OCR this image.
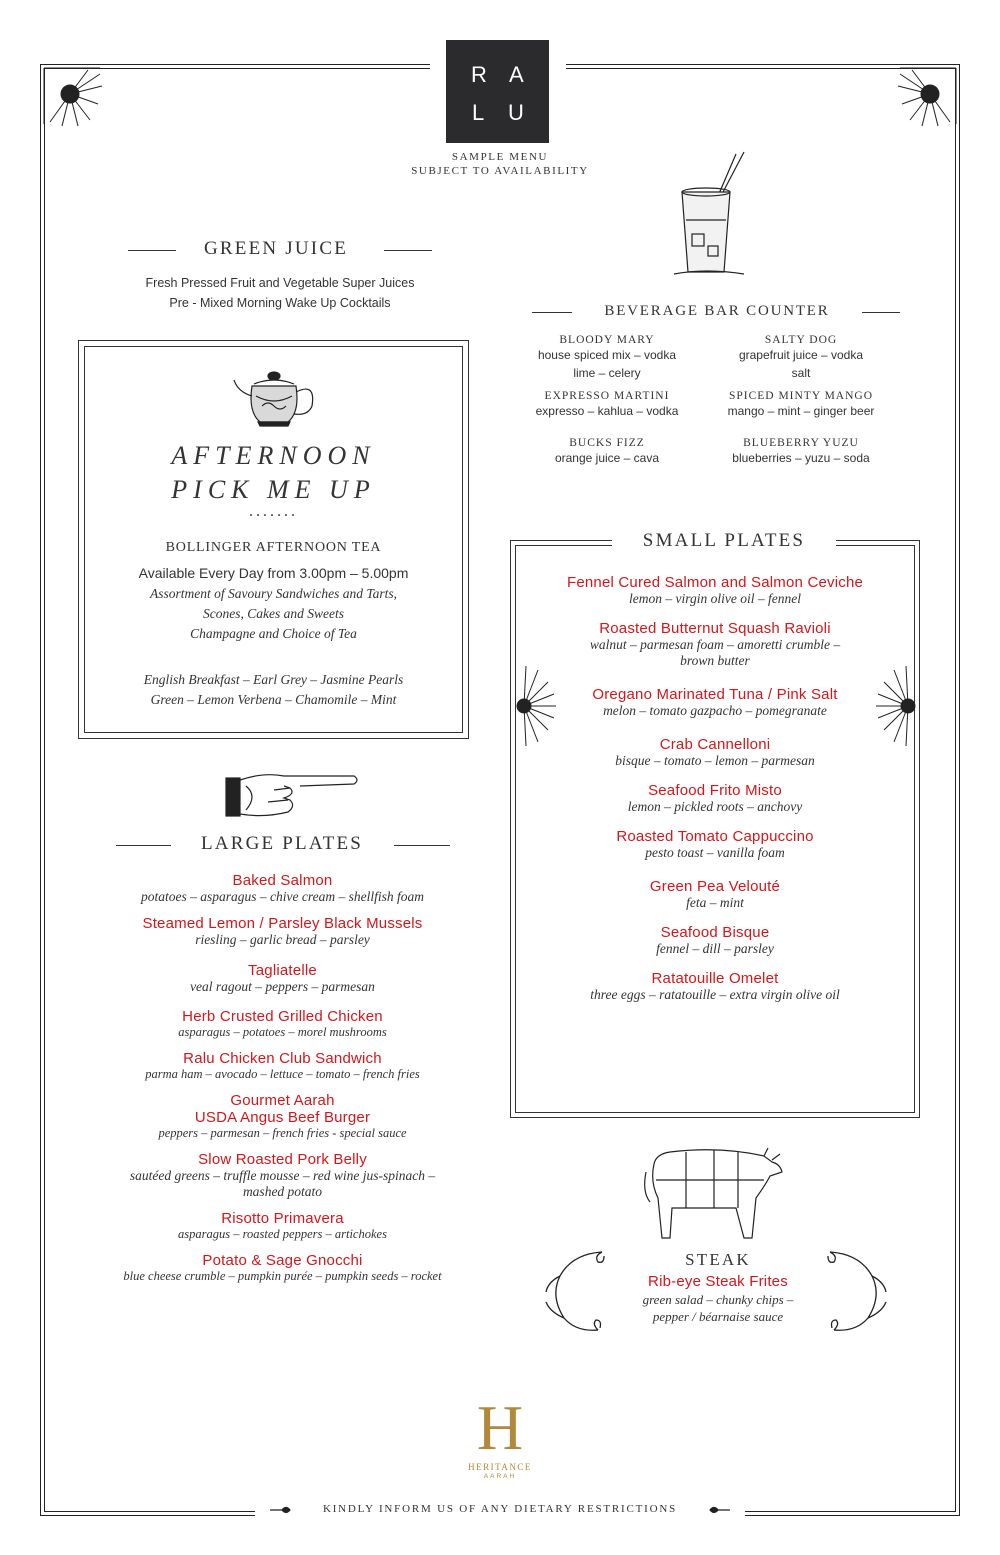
R A
L U
SAMPLE MENU
SUBJECT TO AVAILABILITY
GREEN JUICE
Fresh Pressed Fruit and Vegetable Super Juices
Pre - Mixed Morning Wake Up Cocktails
AFTERNOON
PICK ME UP
.......
BOLLINGER AFTERNOON TEA
Available Every Day from 3.00pm – 5.00pm
Assortment of Savoury Sandwiches and Tarts,
Scones, Cakes and Sweets
Champagne and Choice of Tea
English Breakfast – Earl Grey – Jasmine Pearls
Green – Lemon Verbena – Chamomile – Mint
LARGE PLATES
Baked Salmon
potatoes – asparagus – chive cream – shellfish foam
Steamed Lemon / Parsley Black Mussels
riesling – garlic bread – parsley
Tagliatelle
veal ragout – peppers – parmesan
Herb Crusted Grilled Chicken
asparagus – potatoes – morel mushrooms
Ralu Chicken Club Sandwich
parma ham – avocado – lettuce – tomato – french fries
Gourmet Aarah
USDA Angus Beef Burger
peppers – parmesan – french fries - special sauce
Slow Roasted Pork Belly
sautéed greens – truffle mousse – red wine jus-spinach –
mashed potato
Risotto Primavera
asparagus – roasted peppers – artichokes
Potato & Sage Gnocchi
blue cheese crumble – pumpkin purée – pumpkin seeds – rocket
BEVERAGE BAR COUNTER
BLOODY MARY
house spiced mix – vodka
lime – celery
SALTY DOG
grapefruit juice – vodka
salt
EXPRESSO MARTINI
expresso – kahlua – vodka
SPICED MINTY MANGO
mango – mint – ginger beer
BUCKS FIZZ
orange juice – cava
BLUEBERRY YUZU
blueberries – yuzu – soda
SMALL PLATES
Fennel Cured Salmon and Salmon Ceviche
lemon – virgin olive oil – fennel
Roasted Butternut Squash Ravioli
walnut – parmesan foam – amoretti crumble –
brown butter
Oregano Marinated Tuna / Pink Salt
melon – tomato gazpacho – pomegranate
Crab Cannelloni
bisque – tomato – lemon – parmesan
Seafood Frito Misto
lemon – pickled roots – anchovy
Roasted Tomato Cappuccino
pesto toast – vanilla foam
Green Pea Velouté
feta – mint
Seafood Bisque
fennel – dill – parsley
Ratatouille Omelet
three eggs – ratatouille – extra virgin olive oil
STEAK
Rib-eye Steak Frites
green salad – chunky chips –
pepper / béarnaise sauce
H
HERITANCE
AARAH
KINDLY INFORM US OF ANY DIETARY RESTRICTIONS
